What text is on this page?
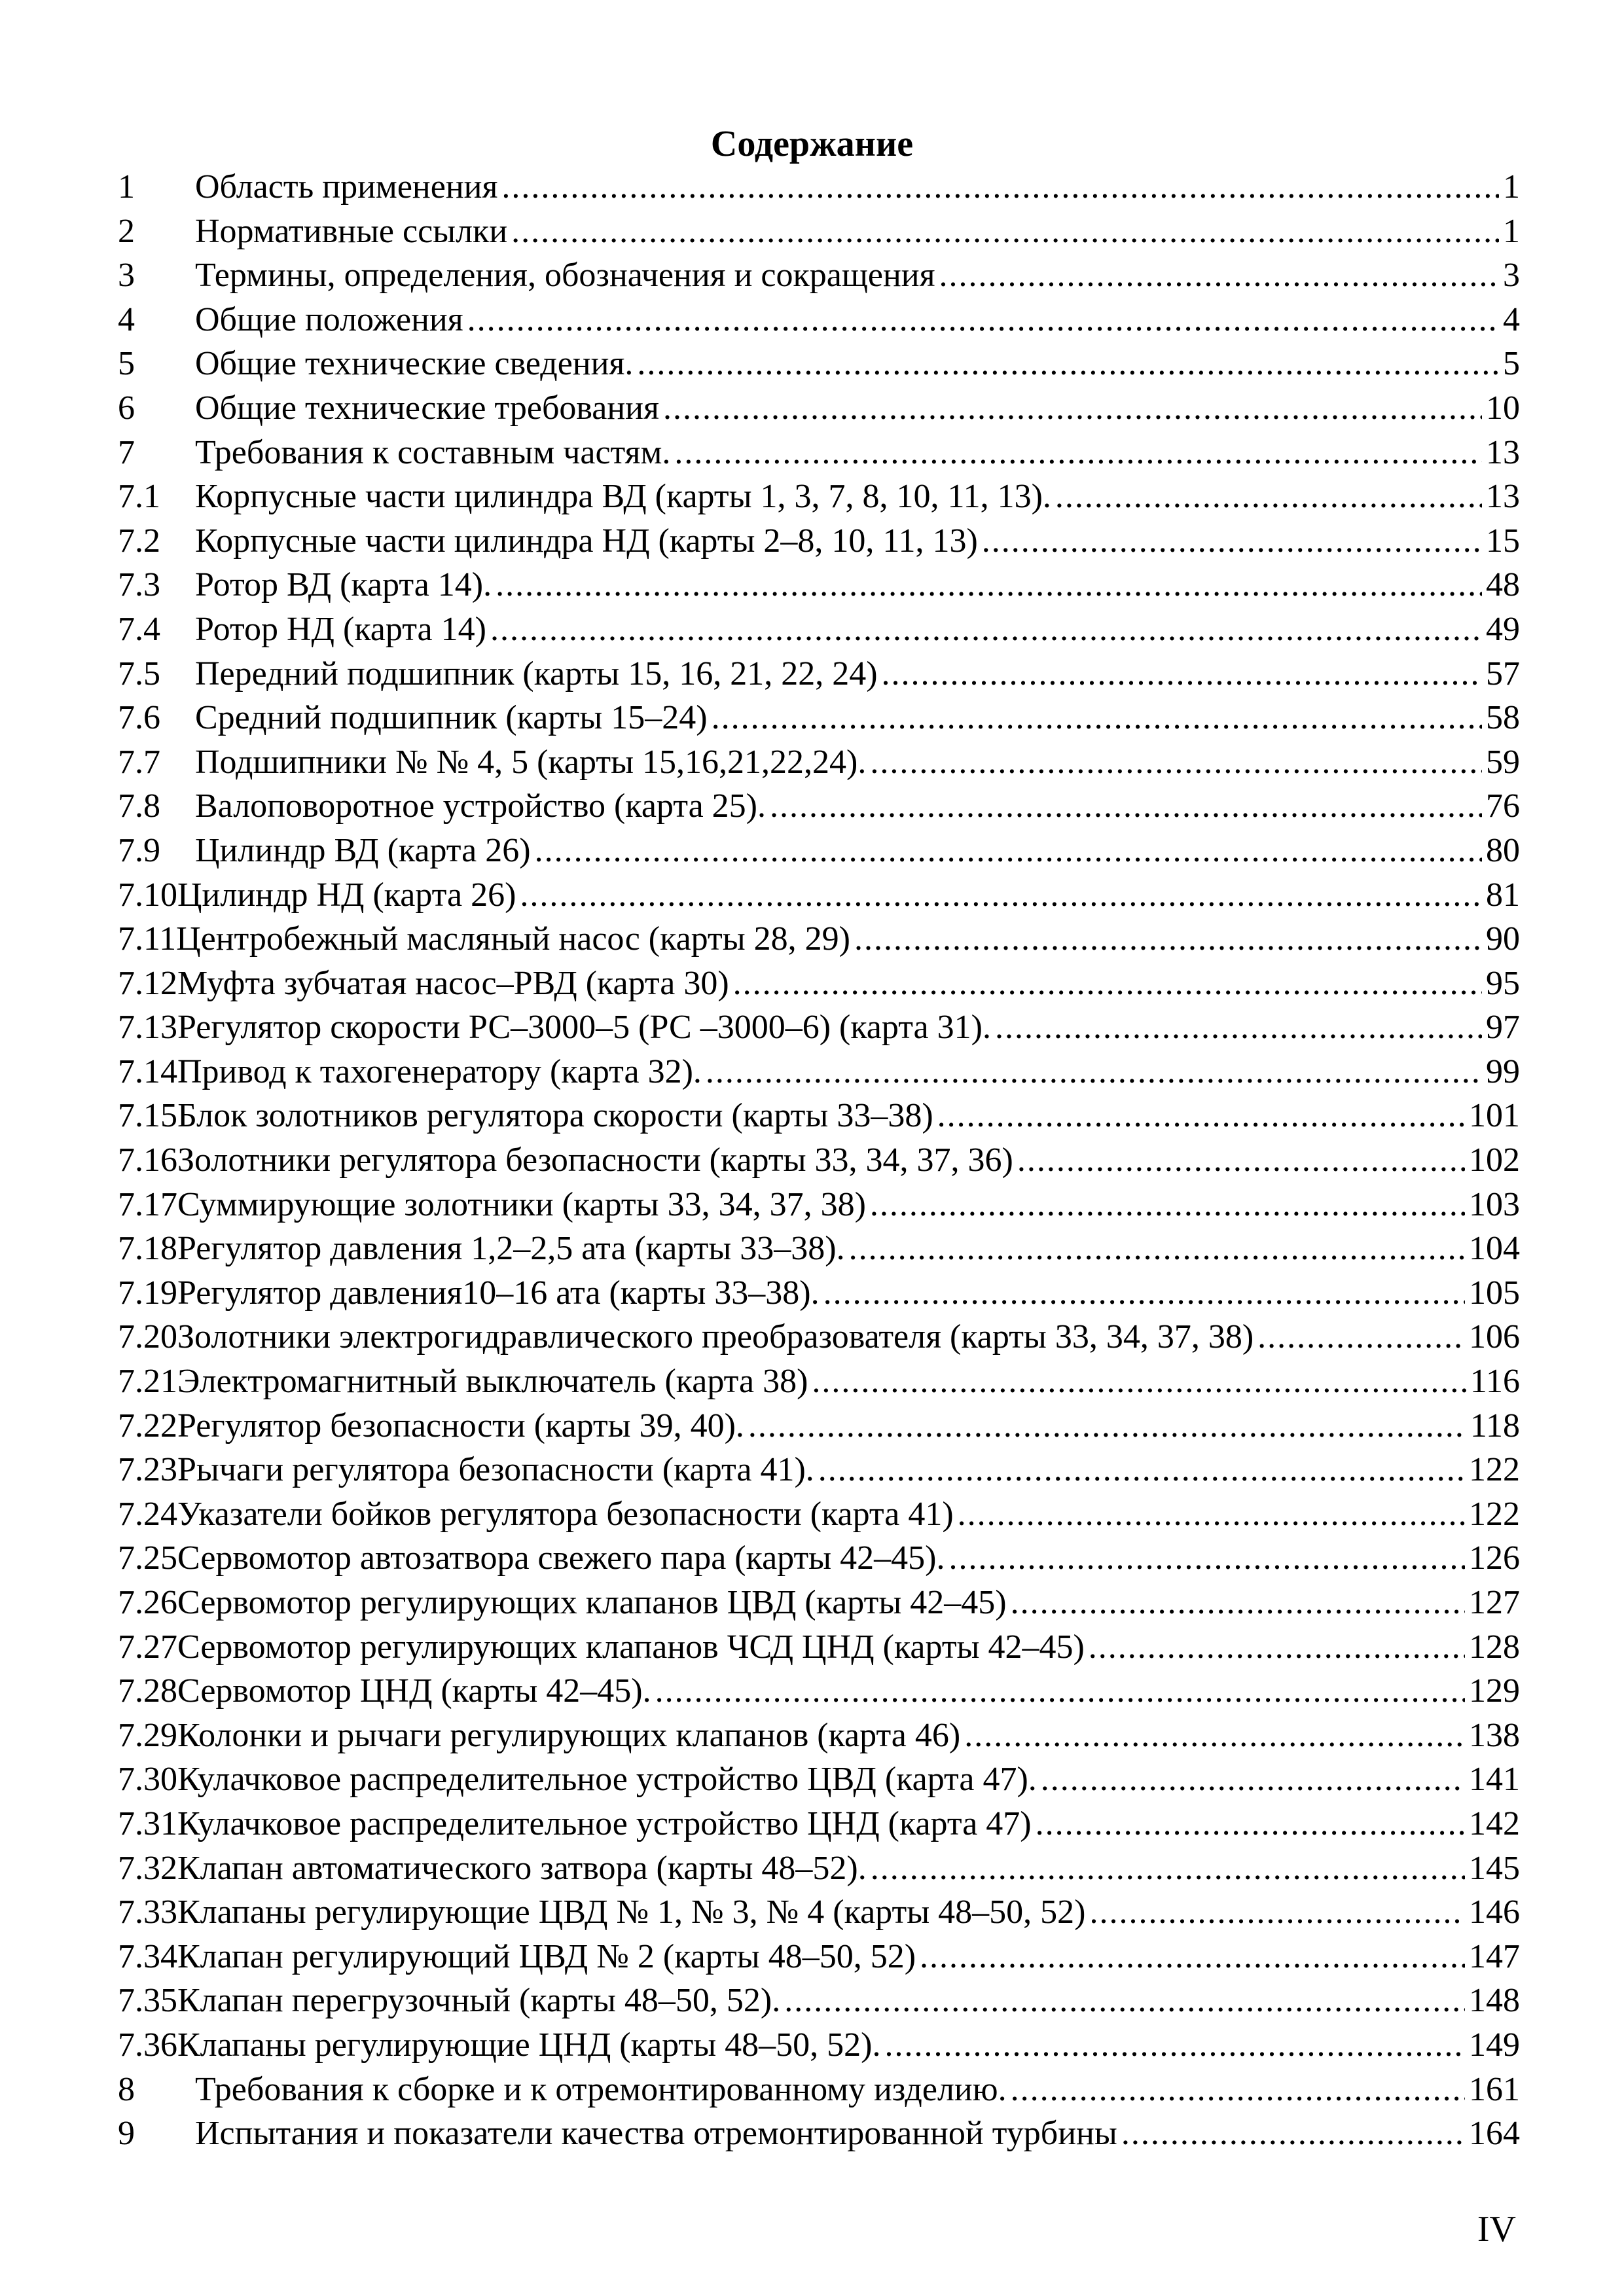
Содержание
1	Область применения .....	1
2	Нормативные ссылки .....	1
3	Термины, определения, обозначения и сокращения .....	3
4	Общие положения .....	4
5	Общие технические сведения. .....	5
6	Общие технические требования .....	10
7	Требования к составным частям. .....	13
7.1	Корпусные части цилиндра ВД (карты 1, 3, 7, 8, 10, 11, 13). .....	13
7.2	Корпусные части цилиндра НД (карты 2–8, 10, 11, 13) .....	15
7.3	Ротор ВД (карта 14). .....	48
7.4	Ротор НД (карта 14) .....	49
7.5	Передний подшипник (карты 15, 16, 21, 22, 24) .....	57
7.6	Средний подшипник (карты 15–24) .....	58
7.7	Подшипники № № 4, 5 (карты 15,16,21,22,24). .....	59
7.8	Валоповоротное устройство (карта 25). .....	76
7.9	Цилиндр ВД (карта 26) .....	80
7.10 Цилиндр НД (карта 26) .....	81
7.11 Центробежный масляный насос (карты 28, 29) .....	90
7.12 Муфта зубчатая насос–РВД (карта 30) .....	95
7.13 Регулятор скорости РС–3000–5 (РС –3000–6) (карта 31). .....	97
7.14 Привод к тахогенератору (карта 32). .....	99
7.15 Блок золотников регулятора скорости (карты 33–38) .....	101
7.16 Золотники регулятора безопасности (карты 33, 34, 37, 36) .....	102
7.17 Суммирующие золотники (карты 33, 34, 37, 38) .....	103
7.18 Регулятор давления 1,2–2,5 ата (карты 33–38). .....	104
7.19 Регулятор давления10–16 ата (карты 33–38). .....	105
7.20 Золотники электрогидравлического преобразователя (карты 33, 34, 37, 38) .....	106
7.21 Электромагнитный выключатель (карта 38) .....	116
7.22 Регулятор безопасности (карты 39, 40). .....	118
7.23 Рычаги регулятора безопасности (карта 41). .....	122
7.24 Указатели бойков регулятора безопасности (карта 41) .....	122
7.25 Сервомотор автозатвора свежего пара (карты 42–45). .....	126
7.26 Сервомотор регулирующих клапанов ЦВД (карты 42–45) .....	127
7.27 Сервомотор регулирующих клапанов ЧСД ЦНД (карты 42–45) .....	128
7.28 Сервомотор ЦНД (карты 42–45). .....	129
7.29 Колонки и рычаги регулирующих клапанов (карта 46) .....	138
7.30 Кулачковое распределительное устройство ЦВД (карта 47). .....	141
7.31 Кулачковое распределительное устройство ЦНД (карта 47) .....	142
7.32 Клапан автоматического затвора (карты 48–52). .....	145
7.33 Клапаны регулирующие ЦВД № 1, № 3, № 4 (карты 48–50, 52) .....	146
7.34 Клапан регулирующий ЦВД № 2 (карты 48–50, 52) .....	147
7.35 Клапан перегрузочный (карты 48–50, 52). .....	148
7.36 Клапаны регулирующие ЦНД (карты 48–50, 52). .....	149
8	Требования к сборке и к отремонтированному изделию. .....	161
9	Испытания и показатели качества отремонтированной турбины .....	164
IV
